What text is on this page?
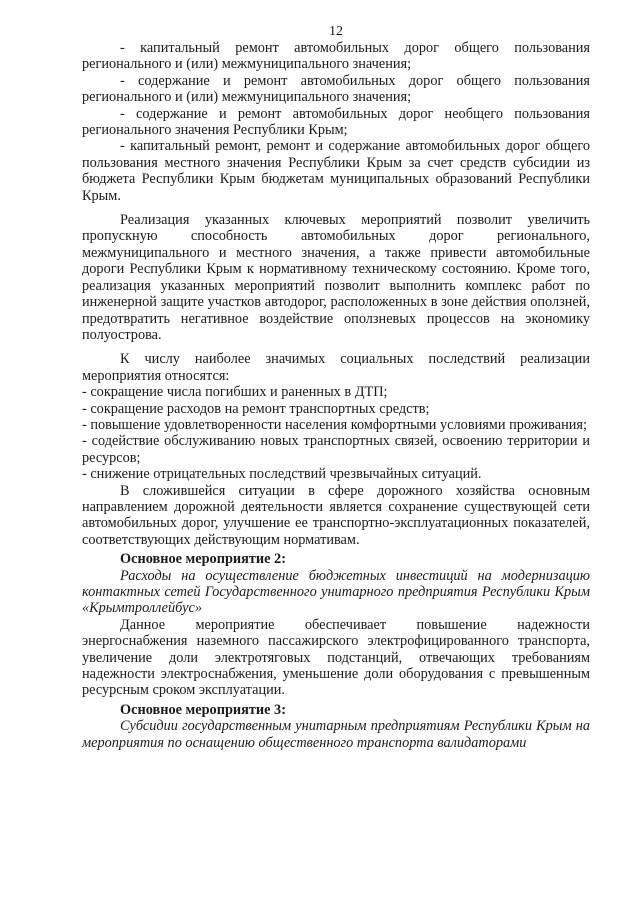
12

- капитальный ремонт автомобильных дорог общего пользования регионального и (или) межмуниципального значения;

- содержание и ремонт автомобильных дорог общего пользования регионального и (или) межмуниципального значения;

- содержание и ремонт автомобильных дорог необщего пользования регионального значения Республики Крым;

- капитальный ремонт, ремонт и содержание автомобильных дорог общего пользования местного значения Республики Крым за счет средств субсидии из бюджета Республики Крым бюджетам муниципальных образований Республики Крым.

Реализация указанных ключевых мероприятий позволит увеличить пропускную способность автомобильных дорог регионального, межмуниципального и местного значения, а также привести автомобильные дороги Республики Крым к нормативному техническому состоянию. Кроме того, реализация указанных мероприятий позволит выполнить комплекс работ по инженерной защите участков автодорог, расположенных в зоне действия оползней, предотвратить негативное воздействие оползневых процессов на экономику полуострова.

К числу наиболее значимых социальных последствий реализации мероприятия относятся:

- сокращение числа погибших и раненных в ДТП;

- сокращение расходов на ремонт транспортных средств;

- повышение удовлетворенности населения комфортными условиями проживания;

- содействие обслуживанию новых транспортных связей, освоению территории и ресурсов;

- снижение отрицательных последствий чрезвычайных ситуаций.

В сложившейся ситуации в сфере дорожного хозяйства основным направлением дорожной деятельности является сохранение существующей сети автомобильных дорог, улучшение ее транспортно-эксплуатационных показателей, соответствующих действующим нормативам.

Основное мероприятие 2:

Расходы на осуществление бюджетных инвестиций на модернизацию контактных сетей Государственного унитарного предприятия Республики Крым «Крымтроллейбус»

Данное мероприятие обеспечивает повышение надежности энергоснабжения наземного пассажирского электрофицированного транспорта, увеличение доли электротяговых подстанций, отвечающих требованиям надежности электроснабжения, уменьшение доли оборудования с превышенным ресурсным сроком эксплуатации.

Основное мероприятие 3:

Субсидии государственным унитарным предприятиям Республики Крым на мероприятия по оснащению общественного транспорта валидаторами
